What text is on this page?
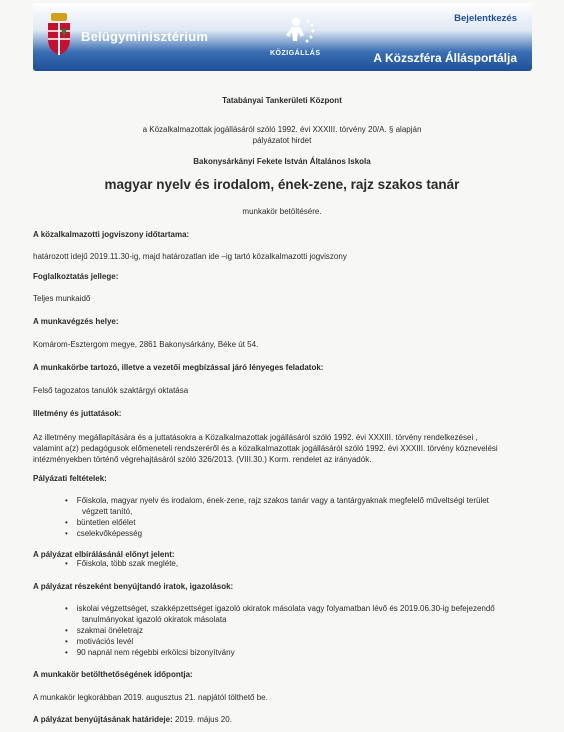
Belügyminisztérium
KÖZIGÁLLÁS
Bejelentkezés
A Közszféra Állásportálja
Tatabányai Tankerületi Központ
a Közalkalmazottak jogállásáról szóló 1992. évi XXXIII. törvény 20/A. § alapján
pályázatot hirdet
Bakonysárkányi Fekete István Általános Iskola
magyar nyelv és irodalom, ének-zene, rajz szakos tanár
munkakör betöltésére.
A közalkalmazotti jogviszony időtartama:
határozott idejű 2019.11.30-ig, majd határozatlan ide –ig tartó közalkalmazotti jogviszony
Foglalkoztatás jellege:
Teljes munkaidő
A munkavégzés helye:
Komárom-Esztergom megye, 2861 Bakonysárkány, Béke út 54.
A munkakörbe tartozó, illetve a vezetői megbízással járó lényeges feladatok:
Felső tagozatos tanulók szaktárgyi oktatása
Illetmény és juttatások:
Az illetmény megállapítására és a juttatásokra a Közalkalmazottak jogállásáról szóló 1992. évi XXXIII. törvény rendelkezései ,
valamint a(z) pedagógusok előmeneteli rendszeréről és a közalkalmazottak jogállásáról szóló 1992. évi XXXIII. törvény köznevelési
intézményekben történő végrehajtásáról szóló 326/2013. (VIII.30.) Korm. rendelet az irányadók.
Pályázati feltételek:
•    Főiskola, magyar nyelv és irodalom, ének-zene, rajz szakos tanár vagy a tantárgyaknak megfelelő műveltségi terület
végzett tanító,
•    büntetlen előélet
•    cselekvőképesség
A pályázat elbírálásánál előnyt jelent:
•    Főiskola, több szak megléte,
A pályázat részeként benyújtandó iratok, igazolások:
•    iskolai végzettséget, szakképzettséget igazoló okiratok másolata vagy folyamatban lévő és 2019.06.30-ig befejezendő
tanulmányokat igazoló okiratok másolata
•    szakmai önéletrajz
•    motivációs levél
•    90 napnál nem régebbi erkölcsi bizonyítvány
A munkakör betölthetőségének időpontja:
A munkakör legkorábban 2019. augusztus 21. napjától tölthető be.
A pályázat benyújtásának határideje: 2019. május 20.
